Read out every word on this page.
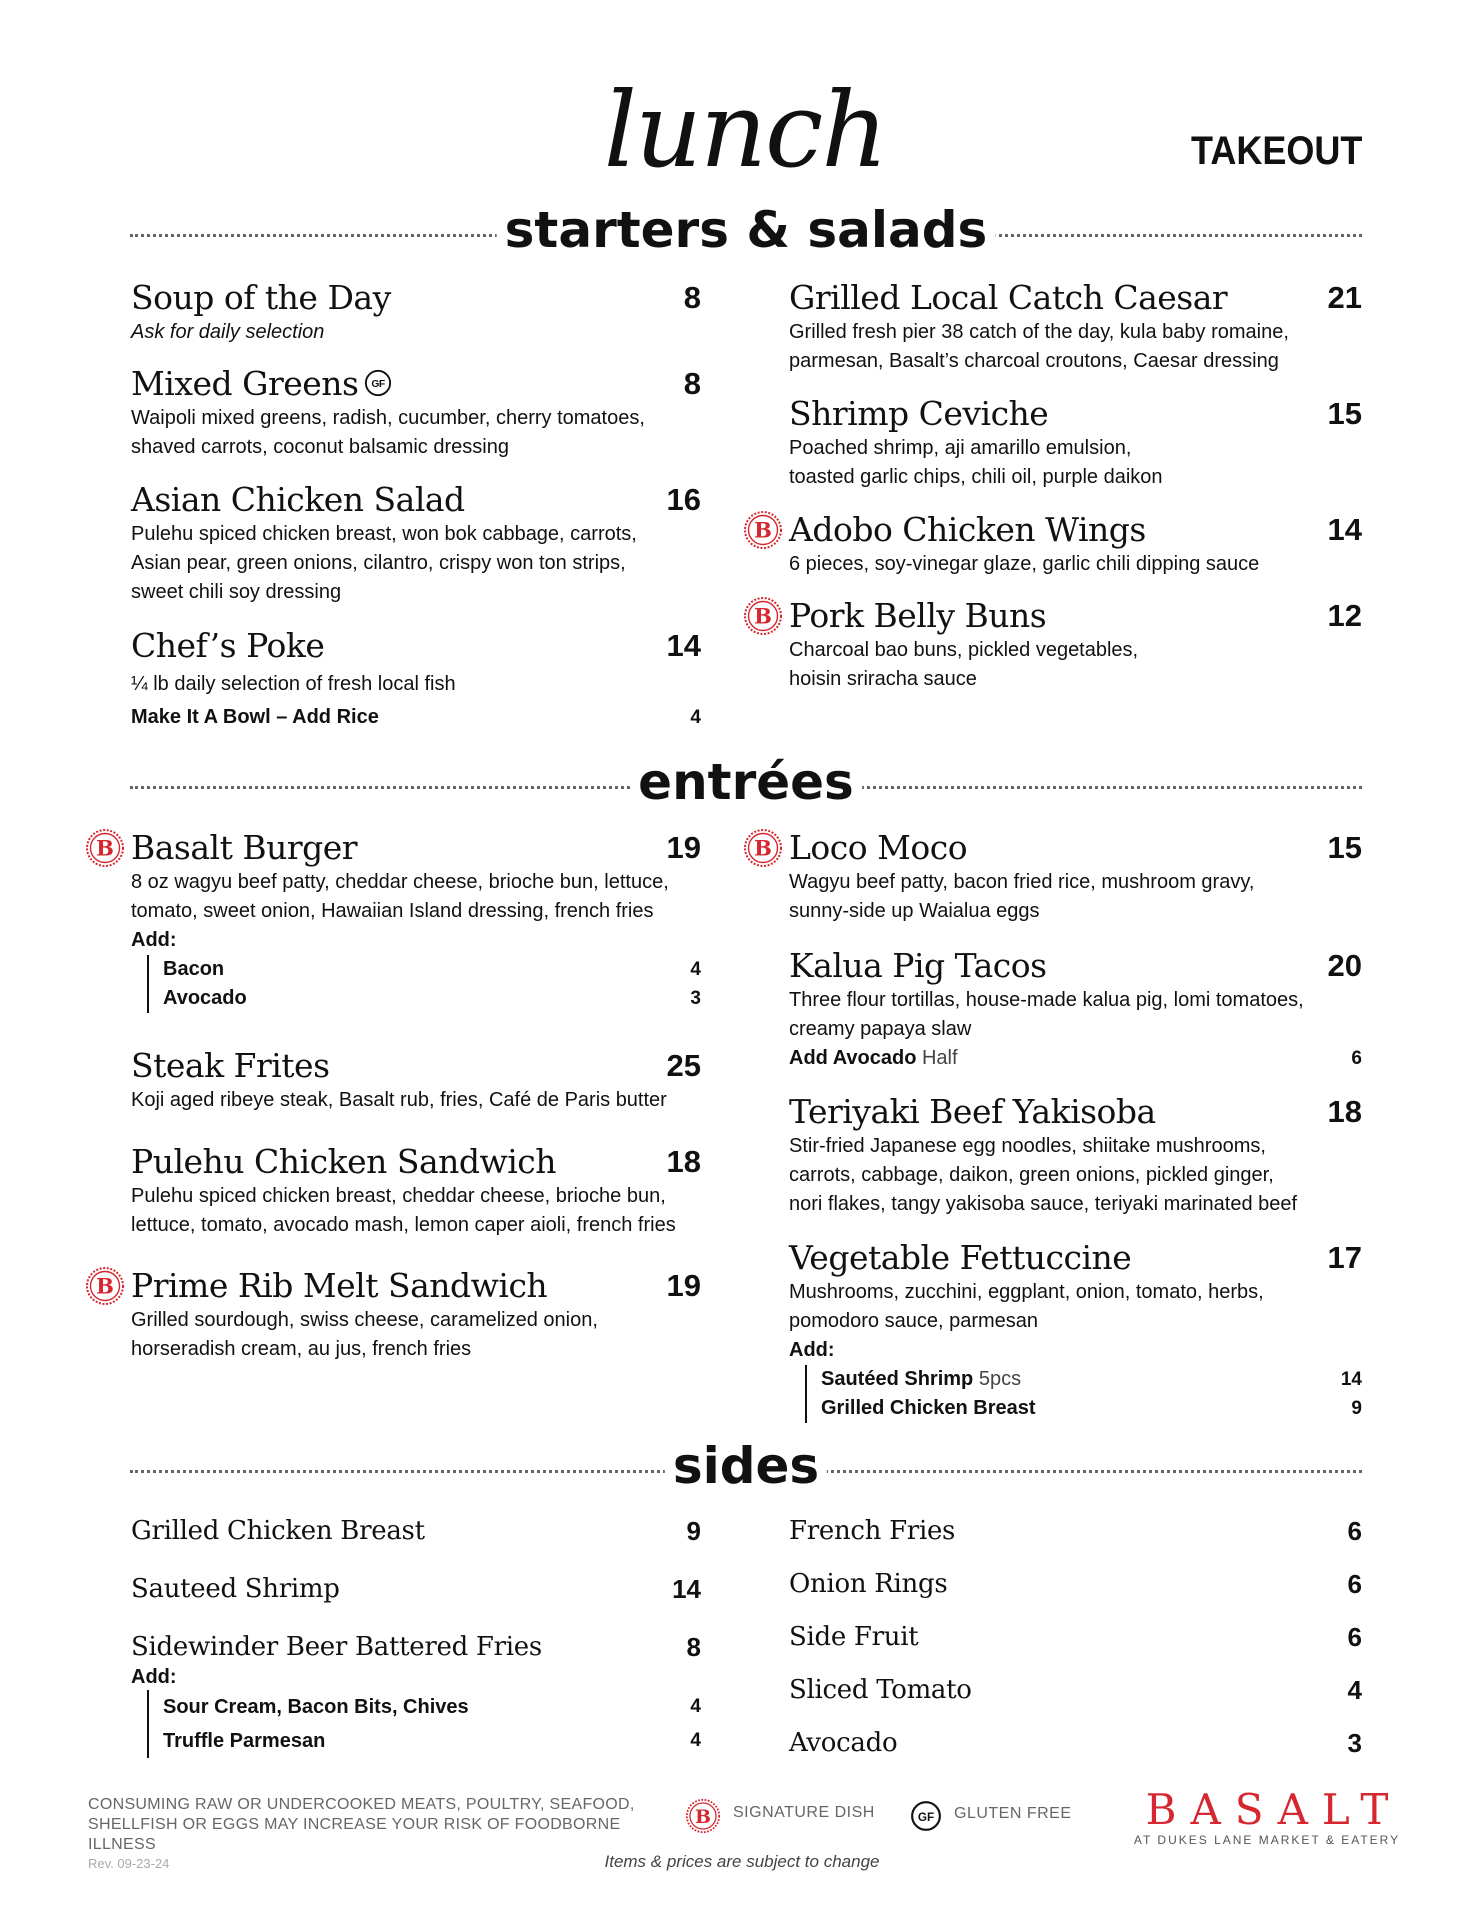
lunch	TAKEOUT
starters & salads
Soup of the Day	8
Ask for daily selection
Mixed Greens	8
Waipoli mixed greens, radish, cucumber, cherry tomatoes,
shaved carrots, coconut balsamic dressing
Asian Chicken Salad	16
Pulehu spiced chicken breast, won bok cabbage, carrots,
Asian pear, green onions, cilantro, crispy won ton strips,
sweet chili soy dressing
Chef’s Poke	14
¼ lb daily selection of fresh local fish
Make It A Bowl – Add Rice	4
Grilled Local Catch Caesar	21
Grilled fresh pier 38 catch of the day, kula baby romaine,
parmesan, Basalt’s charcoal croutons, Caesar dressing
Shrimp Ceviche	15
Poached shrimp, aji amarillo emulsion,
toasted garlic chips, chili oil, purple daikon
Adobo Chicken Wings	14
6 pieces, soy-vinegar glaze, garlic chili dipping sauce
Pork Belly Buns	12
Charcoal bao buns, pickled vegetables,
hoisin sriracha sauce
entrées
Basalt Burger	19
8 oz wagyu beef patty, cheddar cheese, brioche bun, lettuce,
tomato, sweet onion, Hawaiian Island dressing, french fries
Add:
Bacon	4
Avocado	3
Steak Frites	25
Koji aged ribeye steak, Basalt rub, fries, Café de Paris butter
Pulehu Chicken Sandwich	18
Pulehu spiced chicken breast, cheddar cheese, brioche bun,
lettuce, tomato, avocado mash, lemon caper aioli, french fries
Prime Rib Melt Sandwich	19
Grilled sourdough, swiss cheese, caramelized onion,
horseradish cream, au jus, french fries
Loco Moco	15
Wagyu beef patty, bacon fried rice, mushroom gravy,
sunny-side up Waialua eggs
Kalua Pig Tacos	20
Three flour tortillas, house-made kalua pig, lomi tomatoes,
creamy papaya slaw
Add Avocado Half	6
Teriyaki Beef Yakisoba	18
Stir-fried Japanese egg noodles, shiitake mushrooms,
carrots, cabbage, daikon, green onions, pickled ginger,
nori flakes, tangy yakisoba sauce, teriyaki marinated beef
Vegetable Fettuccine	17
Mushrooms, zucchini, eggplant, onion, tomato, herbs,
pomodoro sauce, parmesan
Add:
Sautéed Shrimp 5pcs	14
Grilled Chicken Breast	9
sides
Grilled Chicken Breast	9
Sauteed Shrimp	14
Sidewinder Beer Battered Fries	8
Add:
Sour Cream, Bacon Bits, Chives	4
Truffle Parmesan	4
French Fries	6
Onion Rings	6
Side Fruit	6
Sliced Tomato	4
Avocado	3
CONSUMING RAW OR UNDERCOOKED MEATS, POULTRY, SEAFOOD,
SHELLFISH OR EGGS MAY INCREASE YOUR RISK OF FOODBORNE ILLNESS
SIGNATURE DISH	GLUTEN FREE	BASALT
AT DUKES LANE MARKET & EATERY
Rev. 09-23-24	Items & prices are subject to change
